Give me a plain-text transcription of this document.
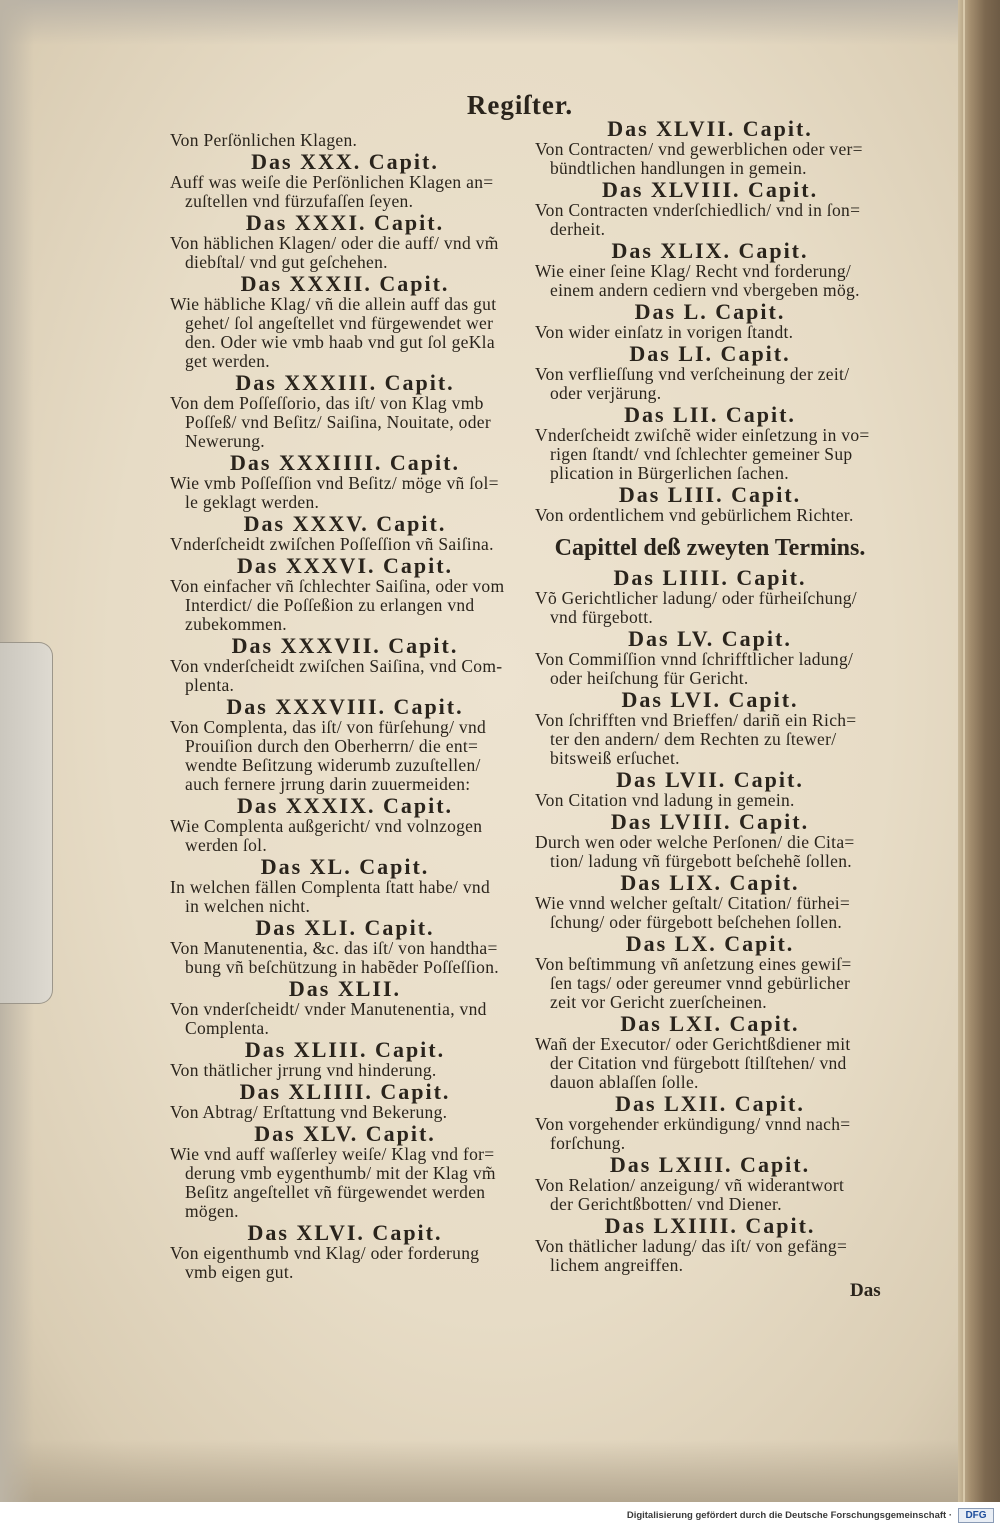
Regiſter.
Von Perſönlichen Klagen.
Das XXX. Capit.
Auff was weiſe die Perſönlichen Klagen an=
zuſtellen vnd fürzufaſſen ſeyen.
Das XXXI. Capit.
Von häblichen Klagen/ oder die auff/ vnd vm̃
diebſtal/ vnd gut geſchehen.
Das XXXII. Capit.
Wie häbliche Klag/ vñ die allein auff das gut
gehet/ ſol angeſtellet vnd fürgewendet wer
den. Oder wie vmb haab vnd gut ſol geKla
get werden.
Das XXXIII. Capit.
Von dem Poſſeſſorio, das iſt/ von Klag vmb
Poſſeß/ vnd Beſitz/ Saiſina, Nouitate, oder
Newerung.
Das XXXIIII. Capit.
Wie vmb Poſſeſſion vnd Beſitz/ möge vñ ſol=
le geklagt werden.
Das XXXV. Capit.
Vnderſcheidt zwiſchen Poſſeſſion vñ Saiſina.
Das XXXVI. Capit.
Von einfacher vñ ſchlechter Saiſina, oder vom
Interdict/ die Poſſeßion zu erlangen vnd
zubekommen.
Das XXXVII. Capit.
Von vnderſcheidt zwiſchen Saiſina, vnd Com-
plenta.
Das XXXVIII. Capit.
Von Complenta, das iſt/ von fürſehung/ vnd
Prouiſion durch den Oberherrn/ die ent=
wendte Beſitzung widerumb zuzuſtellen/
auch fernere jrrung darin zuuermeiden:
Das XXXIX. Capit.
Wie Complenta außgericht/ vnd volnzogen
werden ſol.
Das XL. Capit.
In welchen fällen Complenta ſtatt habe/ vnd
in welchen nicht.
Das XLI. Capit.
Von Manutenentia, &c. das iſt/ von handtha=
bung vñ beſchützung in habẽder Poſſeſſion.
Das XLII.
Von vnderſcheidt/ vnder Manutenentia, vnd
Complenta.
Das XLIII. Capit.
Von thätlicher jrrung vnd hinderung.
Das XLIIII. Capit.
Von Abtrag/ Erſtattung vnd Bekerung.
Das XLV. Capit.
Wie vnd auff waſſerley weiſe/ Klag vnd for=
derung vmb eygenthumb/ mit der Klag vm̃
Beſitz angeſtellet vñ fürgewendet werden
mögen.
Das XLVI. Capit.
Von eigenthumb vnd Klag/ oder forderung
vmb eigen gut.
Das XLVII. Capit.
Von Contracten/ vnd gewerblichen oder ver=
bündtlichen handlungen in gemein.
Das XLVIII. Capit.
Von Contracten vnderſchiedlich/ vnd in ſon=
derheit.
Das XLIX. Capit.
Wie einer ſeine Klag/ Recht vnd forderung/
einem andern cediern vnd vbergeben mög.
Das L. Capit.
Von wider einſatz in vorigen ſtandt.
Das LI. Capit.
Von verflieſſung vnd verſcheinung der zeit/
oder verjärung.
Das LII. Capit.
Vnderſcheidt zwiſchẽ wider einſetzung in vo=
rigen ſtandt/ vnd ſchlechter gemeiner Sup
plication in Bürgerlichen ſachen.
Das LIII. Capit.
Von ordentlichem vnd gebürlichem Richter.
Capittel deß zweyten Termins.
Das LIIII. Capit.
Võ Gerichtlicher ladung/ oder fürheiſchung/
vnd fürgebott.
Das LV. Capit.
Von Commiſſion vnnd ſchrifftlicher ladung/
oder heiſchung für Gericht.
Das LVI. Capit.
Von ſchrifften vnd Brieffen/ dariñ ein Rich=
ter den andern/ dem Rechten zu ſtewer/
bitsweiß erſuchet.
Das LVII. Capit.
Von Citation vnd ladung in gemein.
Das LVIII. Capit.
Durch wen oder welche Perſonen/ die Cita=
tion/ ladung vñ fürgebott beſchehẽ ſollen.
Das LIX. Capit.
Wie vnnd welcher geſtalt/ Citation/ fürhei=
ſchung/ oder fürgebott beſchehen ſollen.
Das LX. Capit.
Von beſtimmung vñ anſetzung eines gewiſ=
ſen tags/ oder gereumer vnnd gebürlicher
zeit vor Gericht zuerſcheinen.
Das LXI. Capit.
Wañ der Executor/ oder Gerichtßdiener mit
der Citation vnd fürgebott ſtilſtehen/ vnd
dauon ablaſſen ſolle.
Das LXII. Capit.
Von vorgehender erkündigung/ vnnd nach=
forſchung.
Das LXIII. Capit.
Von Relation/ anzeigung/ vñ widerantwort
der Gerichtßbotten/ vnd Diener.
Das LXIIII. Capit.
Von thätlicher ladung/ das iſt/ von gefäng=
lichem angreiffen.
Das
Digitalisierung gefördert durch die Deutsche Forschungsgemeinschaft ·	DFG
